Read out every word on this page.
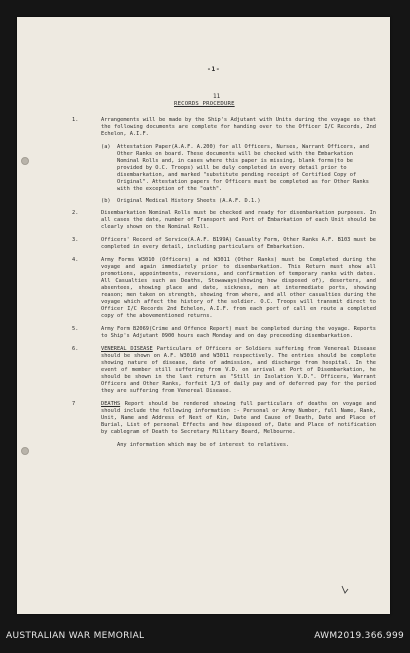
-1-
11
RECORDS PROCEDURE
1.	Arrangements will be made by the Ship's Adjutant with Units during the voyage so that the following documents are complete for handing over to the Officer I/C Records, 2nd Echelon, A.I.F.
(a) Attestation Paper(A.A.F. A.200) for all Officers, Nurses, Warrant Officers, and Other Ranks on board. These documents will be checked with the Embarkation Nominal Rolls and, in cases where this paper is missing, blank forms(to be provided by O.C. Troops) will be duly completed in every detail prior to disembarkation, and marked "substitute pending receipt of Certified Copy of Original". Attestation papers for Officers must be completed as for Other Ranks with the exception of the "oath".
(b) Original Medical History Sheets (A.A.F. D.1.)
2.	Disembarkation Nominal Rolls must be checked and ready for disembarkation purposes. In all cases the date, number of Transport and Port of Embarkation of each Unit should be clearly shown on the Nominal Roll.
3.	Officers' Record of Service(A.A.F. B199A) Casualty Form, Other Ranks A.F. B103 must be completed in every detail, including particulars of Embarkation.
4.	Army Forms W3010 (Officers) a nd W3011 (Other Ranks) must be Completed during the voyage and again immediately prior to disembarkation. This Return must show all promotions, appointments, reversions, and confirmation of temporary ranks with dates. All Casualties such as Deaths, Stowaways(showing how disposed of), deserters, and absentees, showing place and date, sickness, men at intermediate ports, showing reason; men taken on strength, showing from where, and all other casualties during the voyage which affect the history of the soldier. O.C. Troops will transmit direct to Officer I/C Records 2nd Echelon, A.I.F. from each port of call en route a completed copy of the abovementioned returns.
5.	Army Form B2069(Crime and Offence Report) must be completed during the voyage. Reports to Ship's Adjutant 0900 hours each Monday and on day preceeding disembarkation.
6.	VENEREAL DISEASE Particulars of Officers or Soldiers suffering from Venereal Disease should be shown on A.F. W3010 and W3011 respectively. The entries should be complete showing nature of disease, date of admission, and discharge from hospital. In the event of member still suffering from V.D. on arrival at Port of Disembarkation, he should be shown in the last return as "Still in Isolation V.D.". Officers, Warrant Officers and Other Ranks, forfeit 1/3 of daily pay and of deferred pay for the period they are suffering from Venereal Disease.
7	DEATHS Report should be rendered showing full particulars of deaths on voyage and should include the following information :- Personal or Army Number, full Name, Rank, Unit, Name and Address of Next of Kin, Date and Cause of Death, Date and Place of Burial, List of personal Effects and how disposed of, Date and Place of notification by cablegram of Death to Secretary Military Board, Melbourne.
Any information which may be of interest to relatives.
AUSTRALIAN WAR MEMORIAL	AWM2019.366.999
